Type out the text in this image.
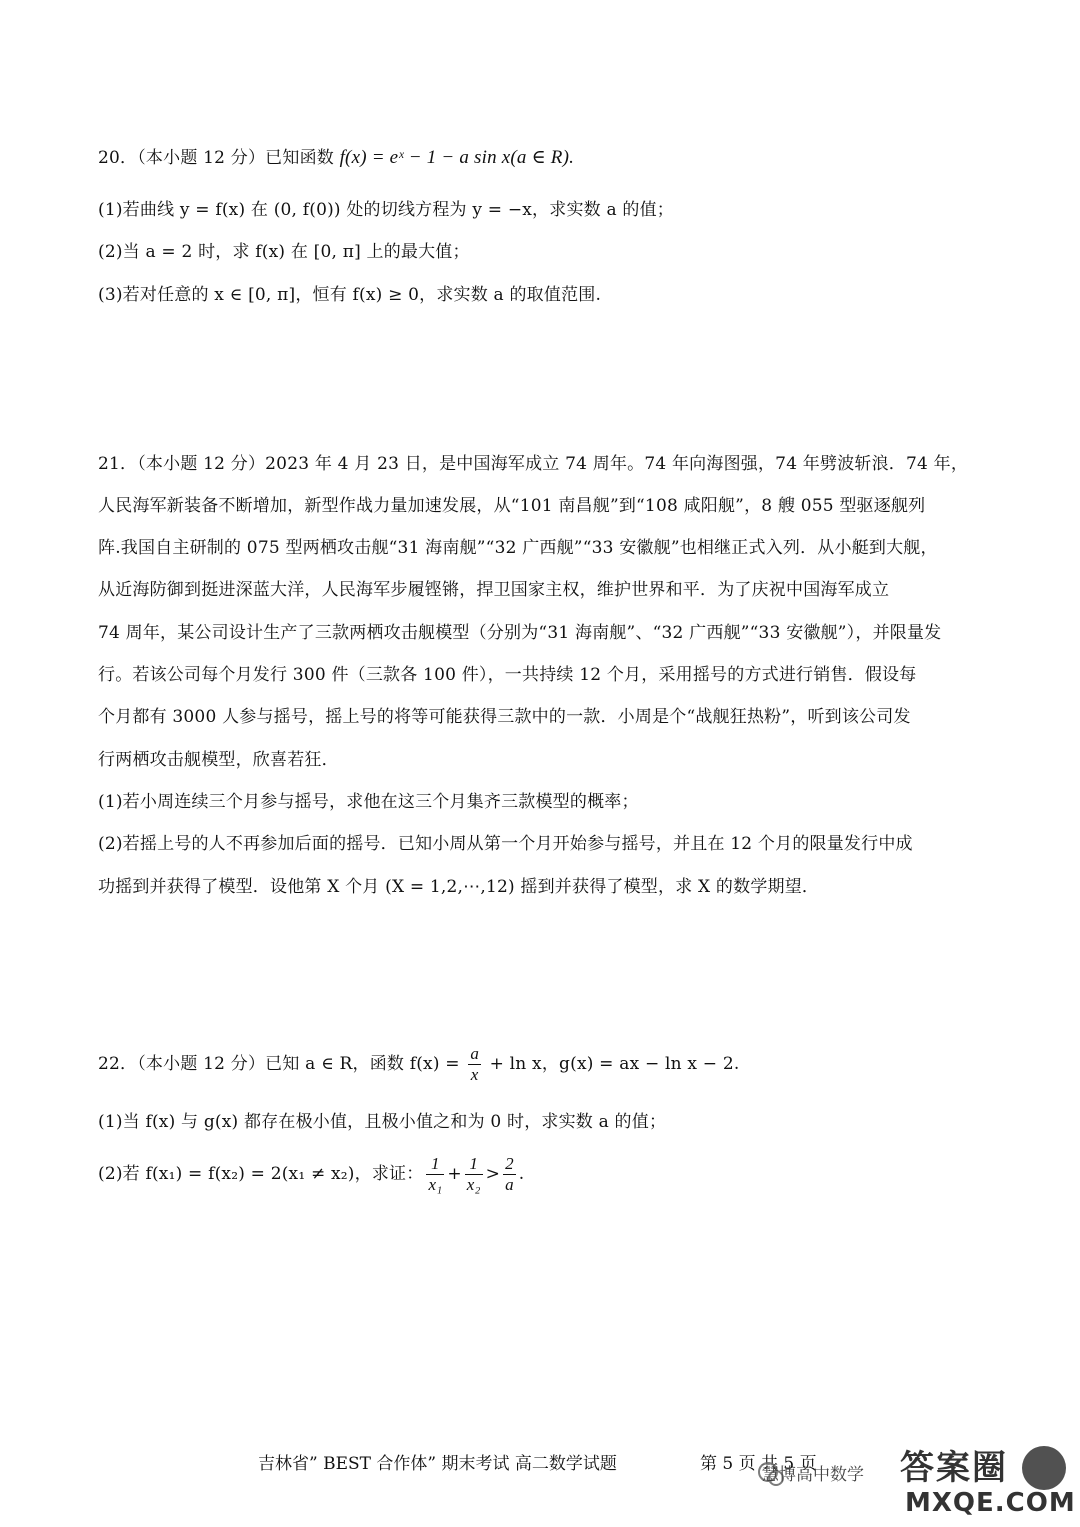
20．（本小题 12 分）已知函数 f(x) = eˣ − 1 − a sin x(a ∈ R).
(1)若曲线 y = f(x) 在 (0, f(0)) 处的切线方程为 y = −x，求实数 a 的值；
(2)当 a = 2 时，求 f(x) 在 [0, π] 上的最大值；
(3)若对任意的 x ∈ [0, π]，恒有 f(x) ≥ 0，求实数 a 的取值范围.
21．（本小题 12 分）2023 年 4 月 23 日，是中国海军成立 74 周年。74 年向海图强，74 年劈波斩浪．74 年，
人民海军新装备不断增加，新型作战力量加速发展，从“101 南昌舰”到“108 咸阳舰”，8 艘 055 型驱逐舰列
阵.我国自主研制的 075 型两栖攻击舰“31 海南舰”“32 广西舰”“33 安徽舰”也相继正式入列．从小艇到大舰，
从近海防御到挺进深蓝大洋，人民海军步履铿锵，捍卫国家主权，维护世界和平．为了庆祝中国海军成立
74 周年，某公司设计生产了三款两栖攻击舰模型（分别为“31 海南舰”、“32 广西舰”“33 安徽舰”），并限量发
行。若该公司每个月发行 300 件（三款各 100 件），一共持续 12 个月，采用摇号的方式进行销售．假设每
个月都有 3000 人参与摇号，摇上号的将等可能获得三款中的一款．小周是个“战舰狂热粉”，听到该公司发
行两栖攻击舰模型，欣喜若狂．
(1)若小周连续三个月参与摇号，求他在这三个月集齐三款模型的概率；
(2)若摇上号的人不再参加后面的摇号．已知小周从第一个月开始参与摇号，并且在 12 个月的限量发行中成
功摇到并获得了模型．设他第 X 个月 (X = 1,2,⋯,12) 摇到并获得了模型，求 X 的数学期望．
22．（本小题 12 分）已知 a ∈ R，函数 $f(x) = \frac{a}{x} + \ln x$，g(x) = ax − ln x − 2.
(1)当 f(x) 与 g(x) 都存在极小值，且极小值之和为 0 时，求实数 a 的值；
(2)若 f(x₁) = f(x₂) = 2(x₁ ≠ x₂)，求证： $\frac{1}{\text{x₁}} + \frac{1}{\text{x₂}} > \frac{2}{a}$ .
吉林省” BEST 合作体” 期末考试 高二数学试题	第 5 页 共 5 页
慧博高中数学 答案圈
MXQE.COM
